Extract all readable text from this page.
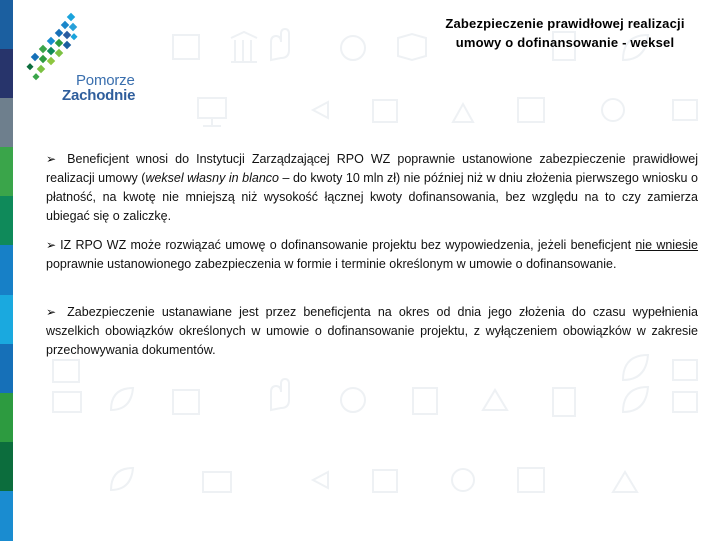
Pomorze
Zachodnie
Zabezpieczenie prawidłowej realizacji
umowy o dofinansowanie - weksel
➢ Beneficjent wnosi do Instytucji Zarządzającej RPO WZ poprawnie ustanowione zabezpieczenie prawidłowej realizacji umowy (weksel własny in blanco – do kwoty 10 mln zł) nie później niż w dniu złożenia pierwszego wniosku o płatność, na kwotę nie mniejszą niż wysokość łącznej kwoty dofinansowania, bez względu na to czy zamierza ubiegać się o zaliczkę.
➢ IZ RPO WZ może rozwiązać umowę o dofinansowanie projektu bez wypowiedzenia, jeżeli beneficjent nie wniesie poprawnie ustanowionego zabezpieczenia w formie i terminie określonym w umowie o dofinansowanie.
➢ Zabezpieczenie ustanawiane jest przez beneficjenta na okres od dnia jego złożenia do czasu wypełnienia wszelkich obowiązków określonych w umowie o dofinansowanie projektu, z wyłączeniem obowiązków w zakresie przechowywania dokumentów.
